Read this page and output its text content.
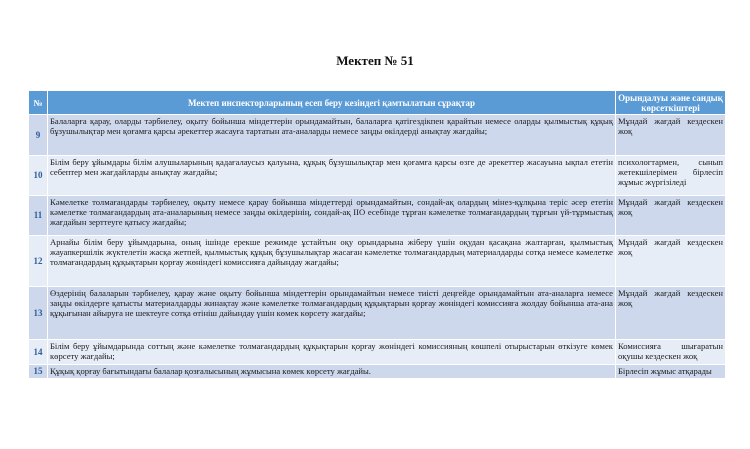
Мектеп № 51
№	Мектеп инспекторларының есеп беру кезіндегі қамтылатын сұрақтар	Орындалуы және сандық көрсеткіштері
9	Балаларға қарау, оларды тәрбиелеу, оқыту бойынша міндеттерін орындамайтын, балаларға қатігездікпен қарайтын немесе оларды қылмыстық құқық бұзушылықтар мен қоғамға қарсы әрекеттер жасауға тартатын ата-аналарды немесе заңды өкілдерді анықтау жағдайы;	Мұндай жағдай кездескен жоқ
10	Білім беру ұйымдары білім алушыларының қадағалаусыз қалуына, құқық бұзушылықтар мен қоғамға қарсы өзге де әрекеттер жасауына ықпал ететін себептер мен жағдайларды анықтау жағдайы;	психологтармен, сынып жетекшілерімен бірлесіп жұмыс жүргізіледі
11	Кәмелетке толмағандарды тәрбиелеу, оқыту немесе қарау бойынша міндеттерді орындамайтын, сондай-ақ олардың мінез-құлқына теріс әсер ететін кәмелетке толмағандардың ата-аналарының немесе заңды өкілдерінің, сондай-ақ ІІО есебінде тұрған кәмелетке толмағандардың тұрғын үй-тұрмыстық жағдайын зерттеуге қатысу жағдайы;	Мұндай жағдай кездескен жоқ
12	Арнайы білім беру ұйымдарына, оның ішінде ерекше режимде ұстайтын оқу орындарына жіберу үшін оқудан қасақана жалтарған, қылмыстық жауапкершілік жүктелетін жасқа жетпей, қылмыстық құқық бұзушылықтар жасаған кәмелетке толмағандардың материалдарды сотқа немесе кәмелетке толмағандардың құқықтарын қорғау жөніндегі комиссияға дайындау жағдайы;	Мұндай жағдай кездескен жоқ
13	Өздерінің балаларын тәрбиелеу, қарау және оқыту бойынша міндеттерін орындамайтын немесе тиісті деңгейде орындамайтын ата-аналарға немесе заңды өкілдерге қатысты материалдарды жинақтау және кәмелетке толмағандардың құқықтарын қорғау жөніндегі комиссияға жолдау бойынша ата-ана құқығынан айыруға не шектеуге сотқа өтініш дайындау үшін көмек көрсету жағдайы;	Мұндай жағдай кездескен жоқ
14	Білім беру ұйымдарында соттың және кәмелетке толмағандардың құқықтарын қорғау жөніндегі комиссияның көшпелі отырыстарын өткізуге көмек көрсету жағдайы;	Комиссияға шығаратын оқушы кездескен жоқ
15	Құқық қорғау бағытындағы балалар қозғалысының жұмысына көмек көрсету жағдайы.	Бірлесіп жұмыс атқарады
